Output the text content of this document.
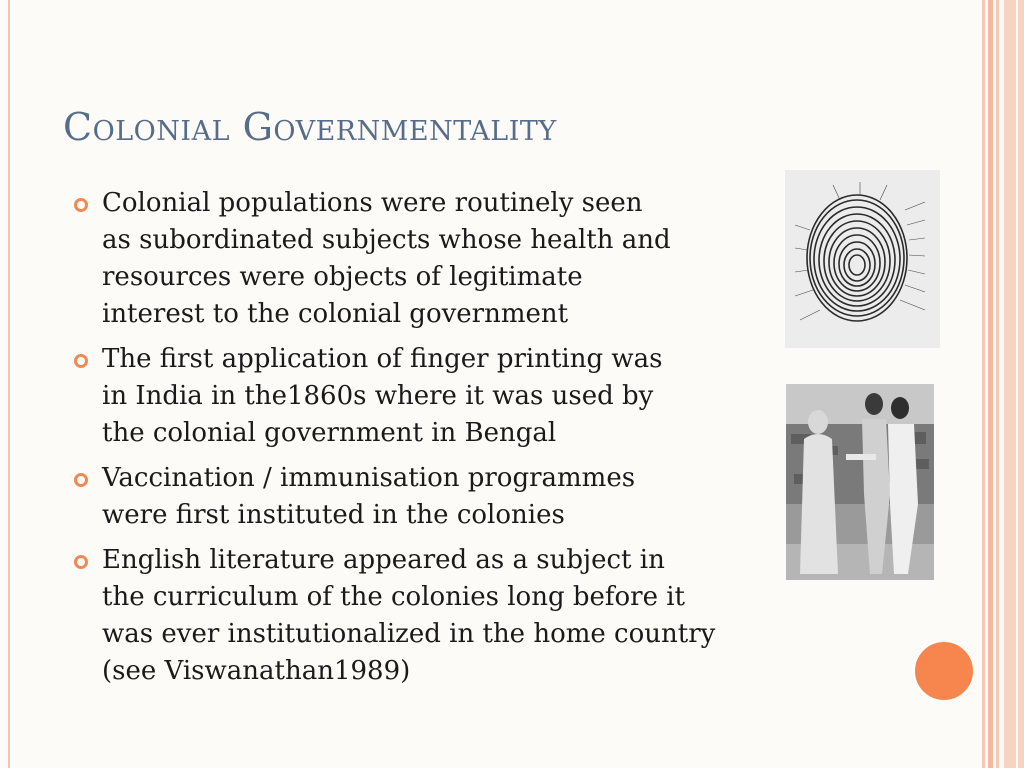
Colonial Governmentality
Colonial populations were routinely seen
as subordinated subjects whose health and
resources were objects of legitimate
interest to the colonial government
The first application of finger printing was
in India in the1860s where it was used by
the colonial government in Bengal
Vaccination / immunisation programmes
were first instituted in the colonies
English literature appeared as a subject in
the curriculum of the colonies long before it
was ever institutionalized in the home country
(see Viswanathan1989)
